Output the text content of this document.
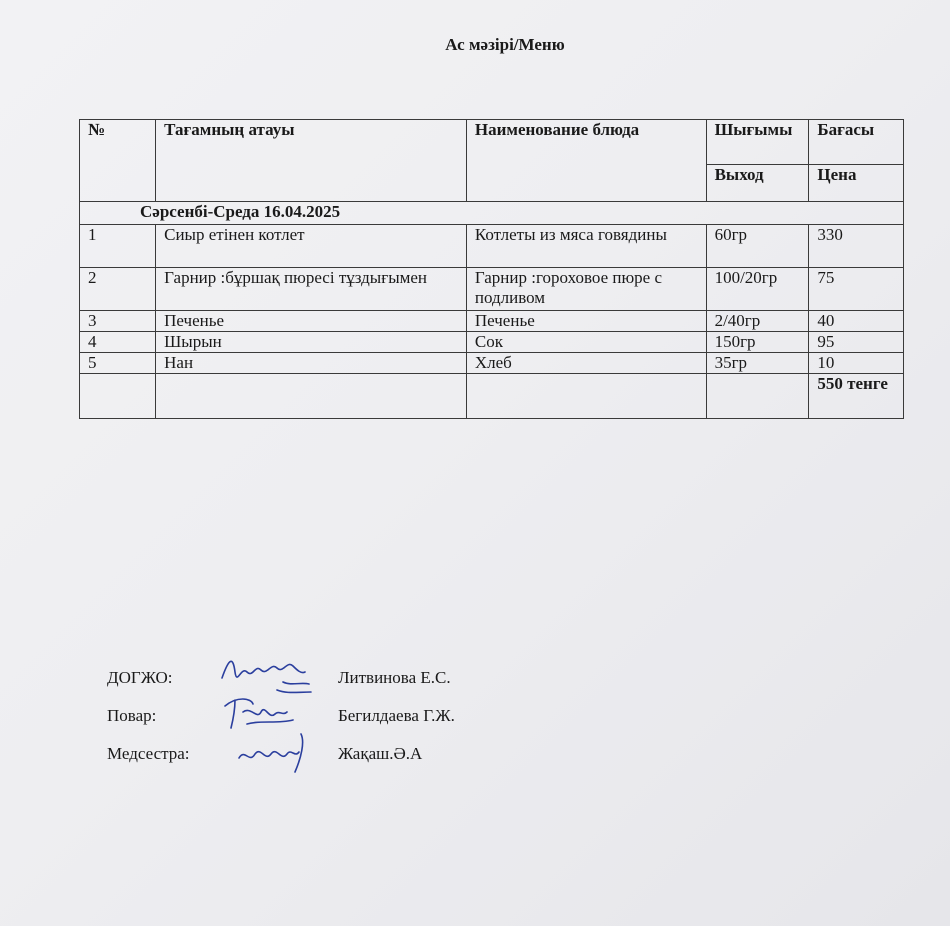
Ас мәзірі/Меню

№	Тағамның атауы	Наименование блюда	Шығымы	Бағасы
			Выход	Цена
Сәрсенбі-Среда 16.04.2025				
1	Сиыр етінен котлет	Котлеты из мяса говядины	60гр	330
2	Гарнир :бұршақ пюресі тұздығымен	Гарнир :гороховое пюре с подливом	100/20гр	75
3	Печенье	Печенье	2/40гр	40
4	Шырын	Сок	150гр	95
5	Нан	Хлеб	35гр	10
				550 тенге
ДОГЖО:	Литвинова Е.С.
Повар:	Бегилдаева Г.Ж.
Медсестра:	Жақаш.Ә.А
